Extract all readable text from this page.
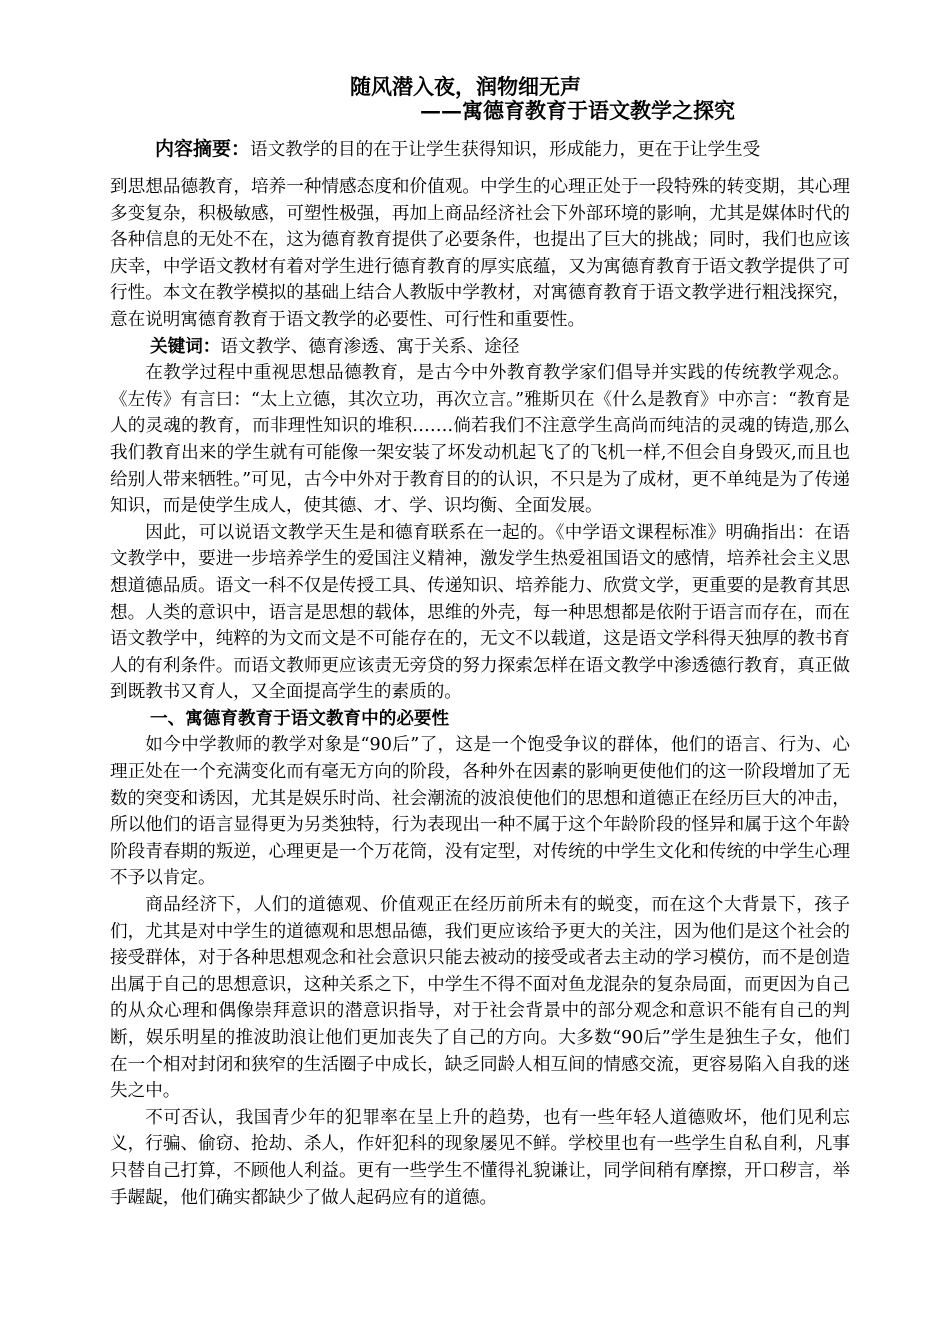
随风潜入夜，润物细无声
——寓德育教育于语文教学之探究

内容摘要：语文教学的目的在于让学生获得知识，形成能力，更在于让学生受
到思想品德教育，培养一种情感态度和价值观。中学生的心理正处于一段特殊的转变期，其心理多变复杂，积极敏感，可塑性极强，再加上商品经济社会下外部环境的影响，尤其是媒体时代的各种信息的无处不在，这为德育教育提供了必要条件，也提出了巨大的挑战；同时，我们也应该庆幸，中学语文教材有着对学生进行德育教育的厚实底蕴，又为寓德育教育于语文教学提供了可行性。本文在教学模拟的基础上结合人教版中学教材，对寓德育教育于语文教学进行粗浅探究，意在说明寓德育教育于语文教学的必要性、可行性和重要性。

关键词：语文教学、德育渗透、寓于关系、途径

在教学过程中重视思想品德教育，是古今中外教育教学家们倡导并实践的传统教学观念。《左传》有言曰：“太上立德，其次立功，再次立言。”雅斯贝在《什么是教育》中亦言：“教育是人的灵魂的教育，而非理性知识的堆积…….倘若我们不注意学生高尚而纯洁的灵魂的铸造,那么我们教育出来的学生就有可能像一架安装了坏发动机起飞了的飞机一样,不但会自身毁灭,而且也给别人带来牺牲。”可见，古今中外对于教育目的的认识，不只是为了成材，更不单纯是为了传递知识，而是使学生成人，使其德、才、学、识均衡、全面发展。

因此，可以说语文教学天生是和德育联系在一起的。《中学语文课程标准》明确指出：在语文教学中，要进一步培养学生的爱国注义精神，激发学生热爱祖国语文的感情，培养社会主义思想道德品质。语文一科不仅是传授工具、传递知识、培养能力、欣赏文学，更重要的是教育其思想。人类的意识中，语言是思想的载体，思维的外壳，每一种思想都是依附于语言而存在，而在语文教学中，纯粹的为文而文是不可能存在的，无文不以载道，这是语文学科得天独厚的教书育人的有利条件。而语文教师更应该责无旁贷的努力探索怎样在语文教学中渗透德行教育，真正做到既教书又育人，又全面提高学生的素质的。

一、寓德育教育于语文教育中的必要性

如今中学教师的教学对象是“90后”了，这是一个饱受争议的群体，他们的语言、行为、心理正处在一个充满变化而有毫无方向的阶段，各种外在因素的影响更使他们的这一阶段增加了无数的突变和诱因，尤其是娱乐时尚、社会潮流的波浪使他们的思想和道德正在经历巨大的冲击，所以他们的语言显得更为另类独特，行为表现出一种不属于这个年龄阶段的怪异和属于这个年龄阶段青春期的叛逆，心理更是一个万花筒，没有定型，对传统的中学生文化和传统的中学生心理不予以肯定。

商品经济下，人们的道德观、价值观正在经历前所未有的蜕变，而在这个大背景下，孩子们，尤其是对中学生的道德观和思想品德，我们更应该给予更大的关注，因为他们是这个社会的接受群体，对于各种思想观念和社会意识只能去被动的接受或者去主动的学习模仿，而不是创造出属于自己的思想意识，这种关系之下，中学生不得不面对鱼龙混杂的复杂局面，而更因为自己的从众心理和偶像崇拜意识的潜意识指导，对于社会背景中的部分观念和意识不能有自己的判断，娱乐明星的推波助浪让他们更加丧失了自己的方向。大多数“90后”学生是独生子女，他们在一个相对封闭和狭窄的生活圈子中成长，缺乏同龄人相互间的情感交流，更容易陷入自我的迷失之中。

不可否认，我国青少年的犯罪率在呈上升的趋势，也有一些年轻人道德败坏，他们见利忘义，行骗、偷窃、抢劫、杀人，作奸犯科的现象屡见不鲜。学校里也有一些学生自私自利，凡事只替自己打算，不顾他人利益。更有一些学生不懂得礼貌谦让，同学间稍有摩擦，开口秽言，举手龌龊，他们确实都缺少了做人起码应有的道德。
